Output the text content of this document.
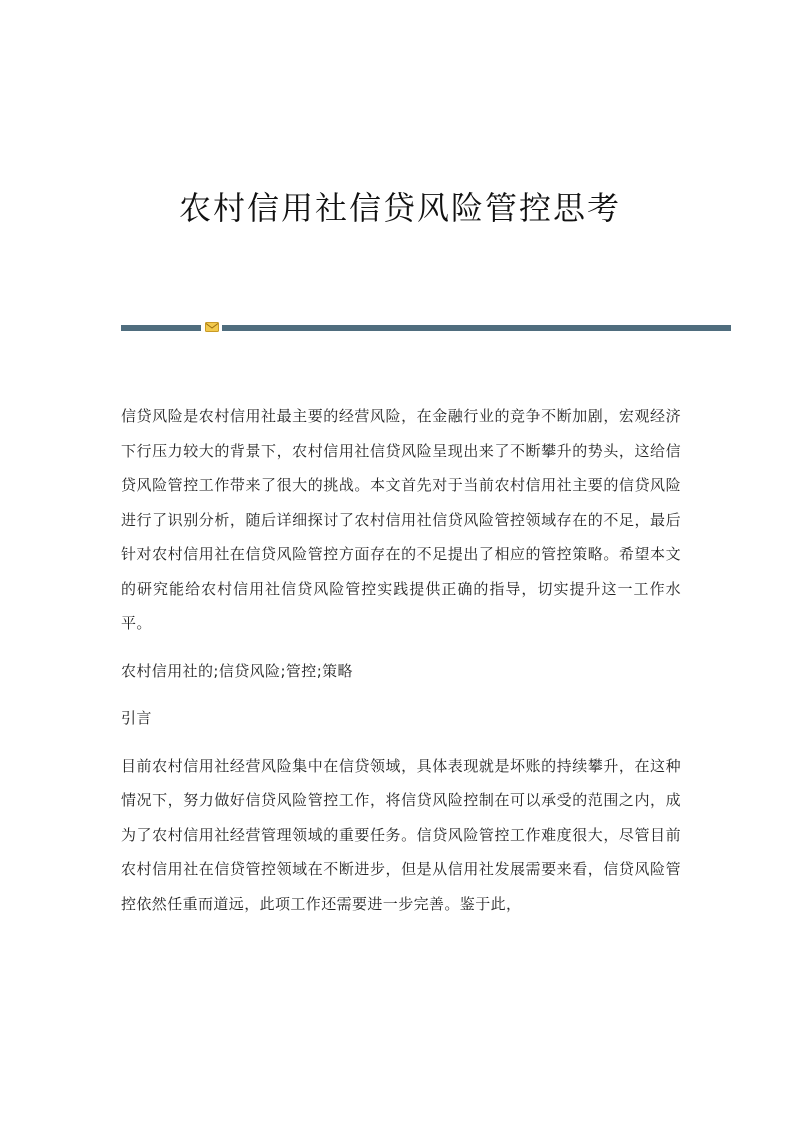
农村信用社信贷风险管控思考

信贷风险是农村信用社最主要的经营风险，在金融行业的竞争不断加剧，宏观经济下行压力较大的背景下，农村信用社信贷风险呈现出来了不断攀升的势头，这给信贷风险管控工作带来了很大的挑战。本文首先对于当前农村信用社主要的信贷风险进行了识别分析，随后详细探讨了农村信用社信贷风险管控领域存在的不足，最后针对农村信用社在信贷风险管控方面存在的不足提出了相应的管控策略。希望本文的研究能给农村信用社信贷风险管控实践提供正确的指导，切实提升这一工作水平。

农村信用社的;信贷风险;管控;策略

引言

目前农村信用社经营风险集中在信贷领域，具体表现就是坏账的持续攀升，在这种情况下，努力做好信贷风险管控工作，将信贷风险控制在可以承受的范围之内，成为了农村信用社经营管理领域的重要任务。信贷风险管控工作难度很大，尽管目前农村信用社在信贷管控领域在不断进步，但是从信用社发展需要来看，信贷风险管控依然任重而道远，此项工作还需要进一步完善。鉴于此，
